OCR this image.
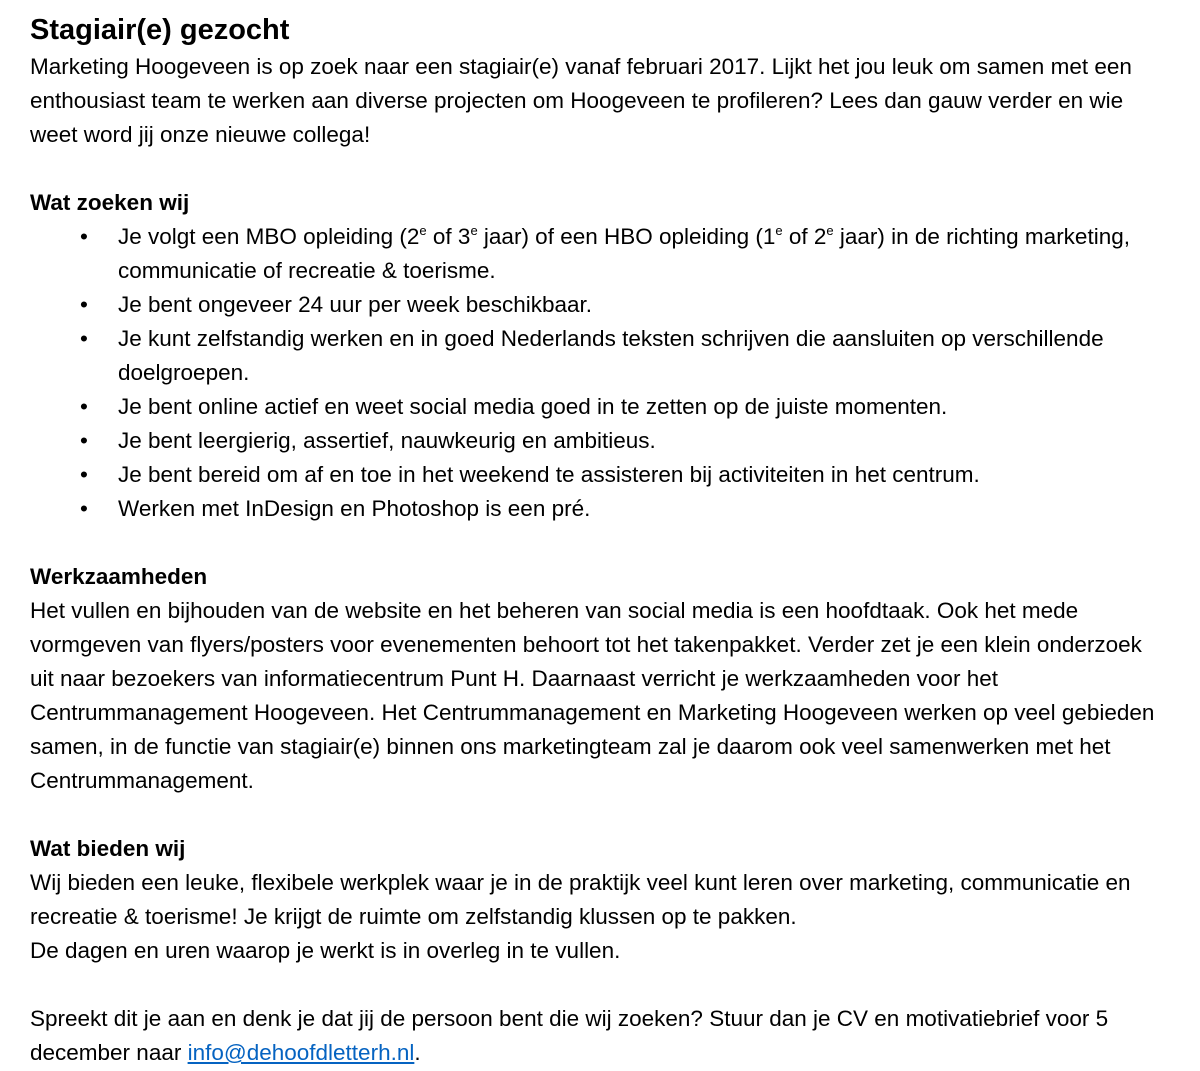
Stagiair(e) gezocht

Marketing Hoogeveen is op zoek naar een stagiair(e) vanaf februari 2017. Lijkt het jou leuk om samen met een enthousiast team te werken aan diverse projecten om Hoogeveen te profileren? Lees dan gauw verder en wie weet word jij onze nieuwe collega!

Wat zoeken wij
• Je volgt een MBO opleiding (2e of 3e jaar) of een HBO opleiding (1e of 2e jaar) in de richting marketing, communicatie of recreatie & toerisme.
• Je bent ongeveer 24 uur per week beschikbaar.
• Je kunt zelfstandig werken en in goed Nederlands teksten schrijven die aansluiten op verschillende doelgroepen.
• Je bent online actief en weet social media goed in te zetten op de juiste momenten.
• Je bent leergierig, assertief, nauwkeurig en ambitieus.
• Je bent bereid om af en toe in het weekend te assisteren bij activiteiten in het centrum.
• Werken met InDesign en Photoshop is een pré.
Werkzaamheden

Het vullen en bijhouden van de website en het beheren van social media is een hoofdtaak. Ook het mede vormgeven van flyers/posters voor evenementen behoort tot het takenpakket. Verder zet je een klein onderzoek uit naar bezoekers van informatiecentrum Punt H. Daarnaast verricht je werkzaamheden voor het Centrummanagement Hoogeveen. Het Centrummanagement en Marketing Hoogeveen werken op veel gebieden samen, in de functie van stagiair(e) binnen ons marketingteam zal je daarom ook veel samenwerken met het Centrummanagement.

Wat bieden wij

Wij bieden een leuke, flexibele werkplek waar je in de praktijk veel kunt leren over marketing, communicatie en recreatie & toerisme! Je krijgt de ruimte om zelfstandig klussen op te pakken.

De dagen en uren waarop je werkt is in overleg in te vullen.

Spreekt dit je aan en denk je dat jij de persoon bent die wij zoeken? Stuur dan je CV en motivatiebrief voor 5 december naar info@dehoofdletterh.nl.
